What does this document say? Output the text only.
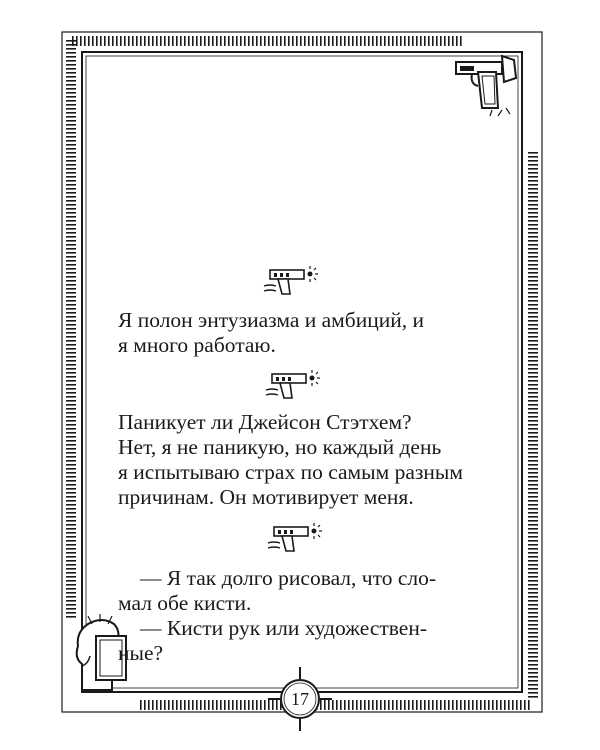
Я полон энтузиазма и амбиций, и

я много работаю.

Паникует ли Джейсон Стэтхем?

Нет, я не паникую, но каждый день

я испытываю страх по самым разным

причинам. Он мотивирует меня.

— Я так долго рисовал, что сло-

мал обе кисти.

— Кисти рук или художествен-

ные?

17
